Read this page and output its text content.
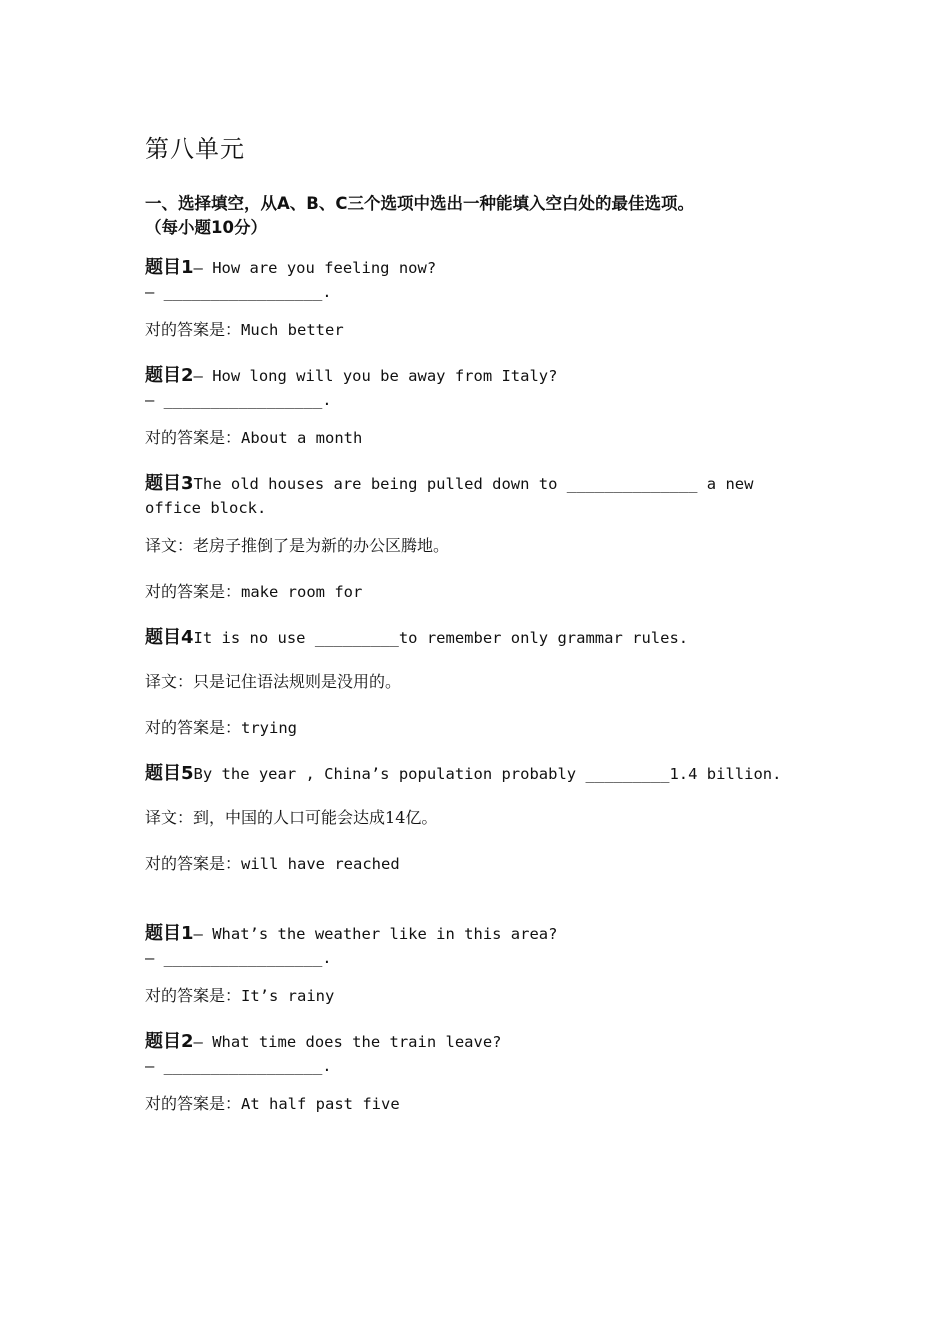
第八单元
一、选择填空，从A、B、C三个选项中选出一种能填入空白处的最佳选项。
（每小题10分）
题目1— How are you feeling now?
— _________________.
对的答案是：Much better
题目2— How long will you be away from Italy?
— _________________.
对的答案是：About a month
题目3The old houses are being pulled down to ______________ a new
office block.
译文：老房子推倒了是为新的办公区腾地。
对的答案是：make room for
题目4It is no use _________to remember only grammar rules.
译文：只是记住语法规则是没用的。
对的答案是：trying
题目5By the year , China’s population probably _________1.4 billion.
译文：到，中国的人口可能会达成14亿。
对的答案是：will have reached
题目1— What’s the weather like in this area?
— _________________.
对的答案是：It’s rainy
题目2— What time does the train leave?
— _________________.
对的答案是：At half past five
